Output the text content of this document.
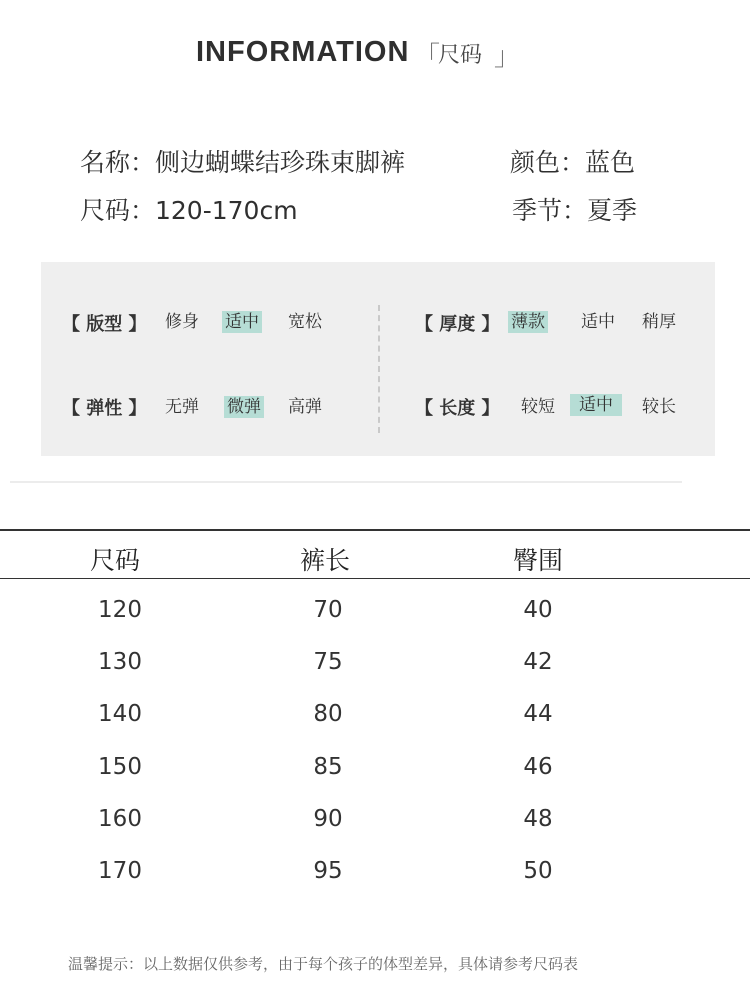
INFORMATION 「
尺码 」
名称：侧边蝴蝶结珍珠束脚裤	颜色：蓝色
尺码：120-170cm	季节：夏季
【 版型 】 修身 适中 宽松
【 弹性 】 无弹 微弹 高弹
【 厚度 】 薄款 适中 稍厚
【 长度 】 较短	适中	较长
尺码	裤长	臀围
120	70	40
130	75	42
140	80	44
150	85	46
160	90	48
170	95	50
温馨提示：以上数据仅供参考，由于每个孩子的体型差异，具体请参考尺码表
